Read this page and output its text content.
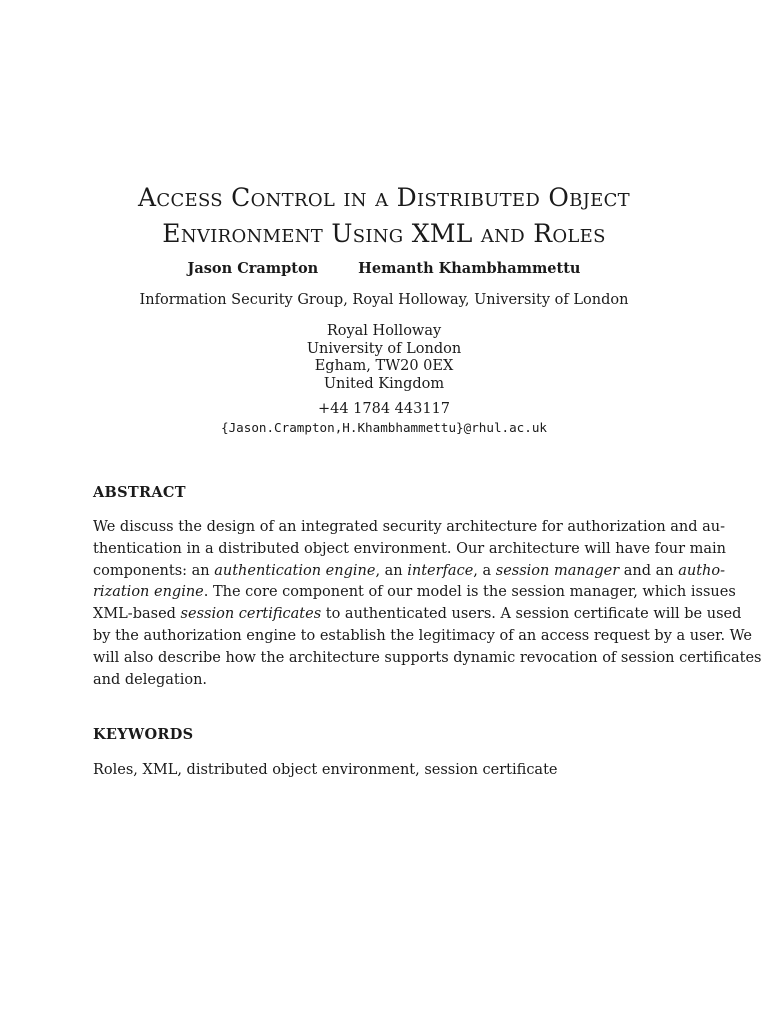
Access Control in a Distributed Object
Environment Using XML and Roles
Jason Crampton	Hemanth Khambhammettu
Information Security Group, Royal Holloway, University of London
Royal Holloway
University of London
Egham, TW20 0EX
United Kingdom
+44 1784 443117
{Jason.Crampton,H.Khambhammettu}@rhul.ac.uk
ABSTRACT
We discuss the design of an integrated security architecture for authorization and au-
thentication in a distributed object environment. Our architecture will have four main
components: an authentication engine, an interface, a session manager and an autho-
rization engine. The core component of our model is the session manager, which issues
XML-based session certificates to authenticated users. A session certificate will be used
by the authorization engine to establish the legitimacy of an access request by a user. We
will also describe how the architecture supports dynamic revocation of session certificates
and delegation.
KEYWORDS
Roles, XML, distributed object environment, session certificate
